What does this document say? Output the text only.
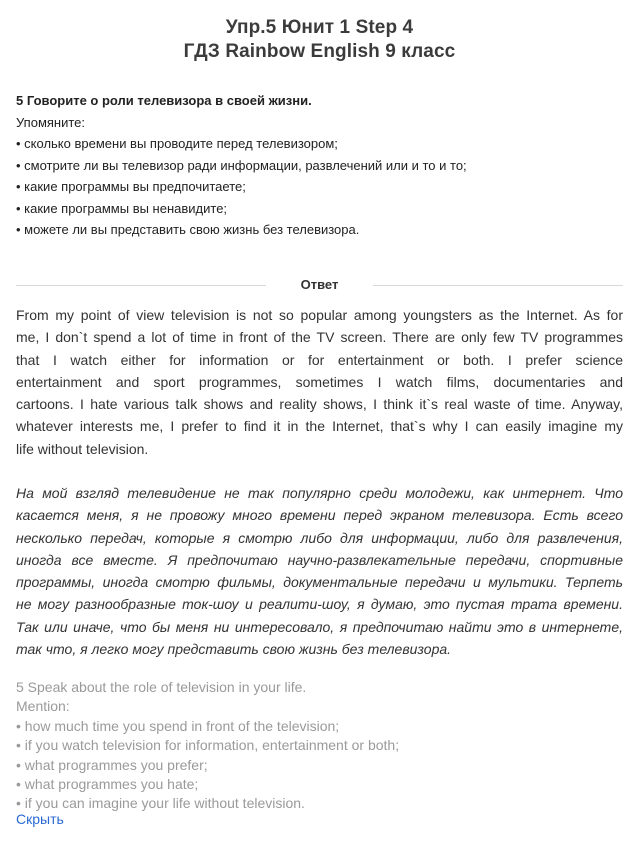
Упр.5 Юнит 1 Step 4
ГДЗ Rainbow English 9 класс
5 Говорите о роли телевизора в своей жизни.
Упомяните:
• сколько времени вы проводите перед телевизором;
• смотрите ли вы телевизор ради информации, развлечений или и то и то;
• какие программы вы предпочитаете;
• какие программы вы ненавидите;
• можете ли вы представить свою жизнь без телевизора.
Ответ
From my point of view television is not so popular among youngsters as the Internet. As for
me, I don`t spend a lot of time in front of the TV screen. There are only few TV programmes
that I watch either for information or for entertainment or both. I prefer science
entertainment and sport programmes, sometimes I watch films, documentaries and
cartoons. I hate various talk shows and reality shows, I think it`s real waste of time. Anyway,
whatever interests me, I prefer to find it in the Internet, that`s why I can easily imagine my
life without television.
На мой взгляд телевидение не так популярно среди молодежи, как интернет. Что
касается меня, я не провожу много времени перед экраном телевизора. Есть всего
несколько передач, которые я смотрю либо для информации, либо для развлечения,
иногда все вместе. Я предпочитаю научно-развлекательные передачи, спортивные
программы, иногда смотрю фильмы, документальные передачи и мультики. Терпеть
не могу разнообразные ток-шоу и реалити-шоу, я думаю, это пустая трата времени.
Так или иначе, что бы меня ни интересовало, я предпочитаю найти это в интернете,
так что, я легко могу представить свою жизнь без телевизора.
5 Speak about the role of television in your life.
Mention:
• how much time you spend in front of the television;
• if you watch television for information, entertainment or both;
• what programmes you prefer;
• what programmes you hate;
• if you can imagine your life without television.
Скрыть
